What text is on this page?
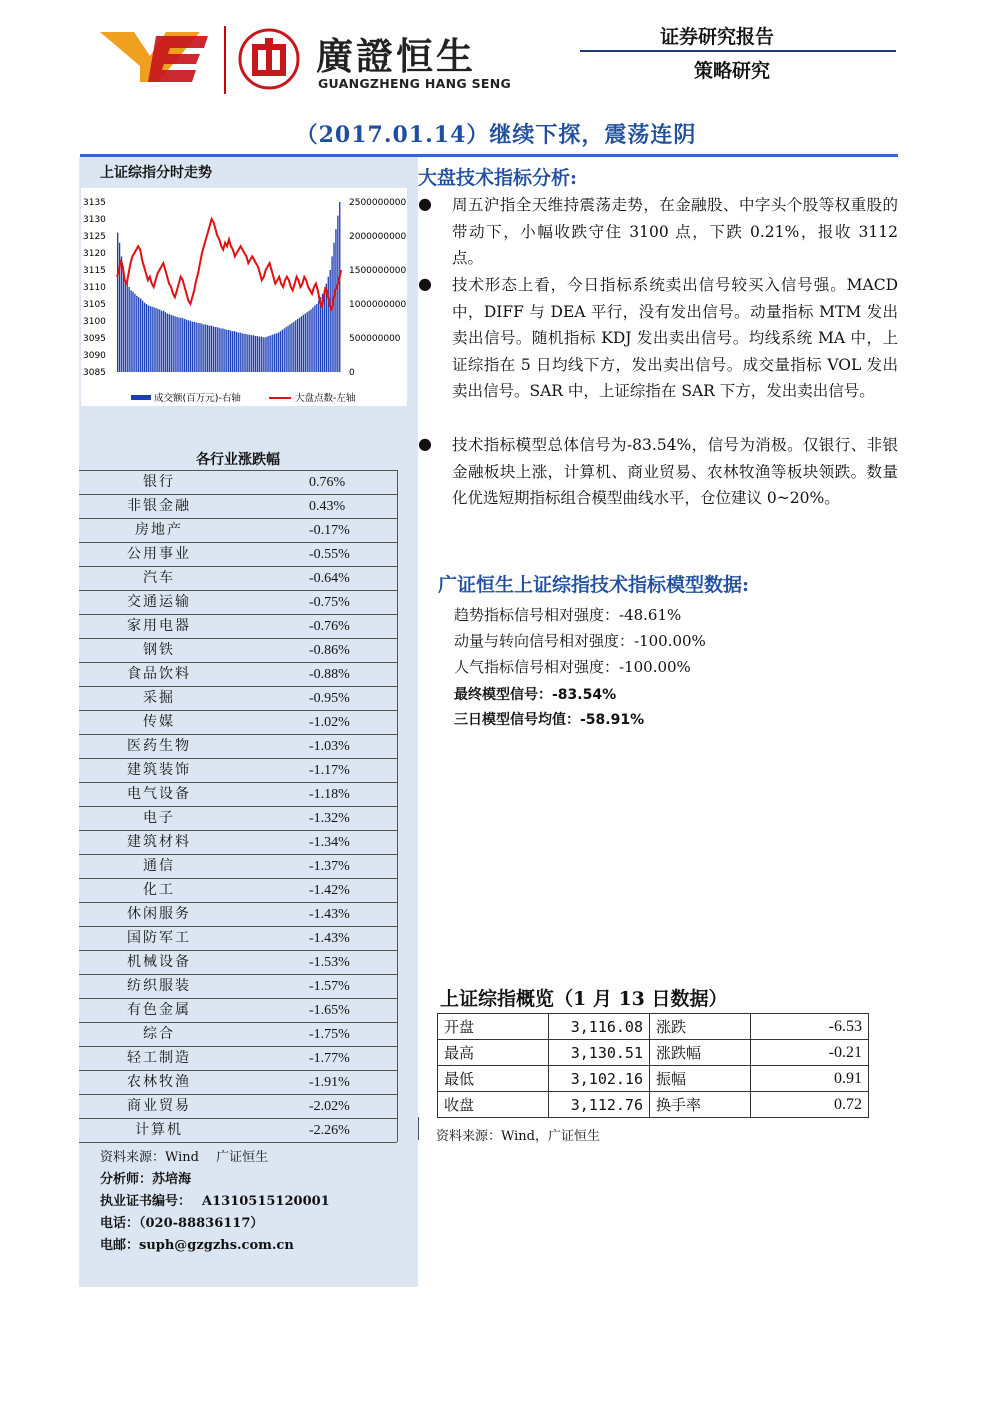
廣證恒生
GUANGZHENG HANG SENG
证券研究报告
策略研究
（2017.01.14）继续下探，震荡连阴
上证综指分时走势
3135
3130
3125
3120
3115
3110
3105
3100
3095
3090
3085
2500000000
2000000000
1500000000
1000000000
500000000
0
成交额(百万元)-右轴	大盘点数-左轴
各行业涨跌幅
银行	0.76%
非银金融	0.43%
房地产	-0.17%
公用事业	-0.55%
汽车	-0.64%
交通运输	-0.75%
家用电器	-0.76%
钢铁	-0.86%
食品饮料	-0.88%
采掘	-0.95%
传媒	-1.02%
医药生物	-1.03%
建筑装饰	-1.17%
电气设备	-1.18%
电子	-1.32%
建筑材料	-1.34%
通信	-1.37%
化工	-1.42%
休闲服务	-1.43%
国防军工	-1.43%
机械设备	-1.53%
纺织服装	-1.57%
有色金属	-1.65%
综合	-1.75%
轻工制造	-1.77%
农林牧渔	-1.91%
商业贸易	-2.02%
计算机	-2.26%
资料来源：Wind　 广证恒生
分析师：苏培海
执业证书编号：　 A1310515120001
电话：（020-88836117）
电邮：suph@gzgzhs.com.cn
大盘技术指标分析:
● 周五沪指全天维持震荡走势，在金融股、中字头个股等权重股的带动下，小幅收跌守住 3100 点，下跌 0.21%，报收 3112 点。
● 技术形态上看，今日指标系统卖出信号较买入信号强。MACD 中，DIFF 与 DEA 平行，没有发出信号。动量指标 MTM 发出卖出信号。随机指标 KDJ 发出卖出信号。均线系统 MA 中，上证综指在 5 日均线下方，发出卖出信号。成交量指标 VOL 发出卖出信号。SAR 中，上证综指在 SAR 下方，发出卖出信号。
● 技术指标模型总体信号为-83.54%，信号为消极。仅银行、非银金融板块上涨，计算机、商业贸易、农林牧渔等板块领跌。数量化优选短期指标组合模型曲线水平，仓位建议 0~20%。
广证恒生上证综指技术指标模型数据:
趋势指标信号相对强度：-48.61%
动量与转向信号相对强度：-100.00%
人气指标信号相对强度：-100.00%
最终模型信号：-83.54%
三日模型信号均值：-58.91%
上证综指概览（1 月 13 日数据）
开盘	3,116.08	涨跌	-6.53
最高	3,130.51	涨跌幅	-0.21
最低	3,102.16	振幅	0.91
收盘	3,112.76	换手率	0.72
资料来源：Wind，广证恒生
